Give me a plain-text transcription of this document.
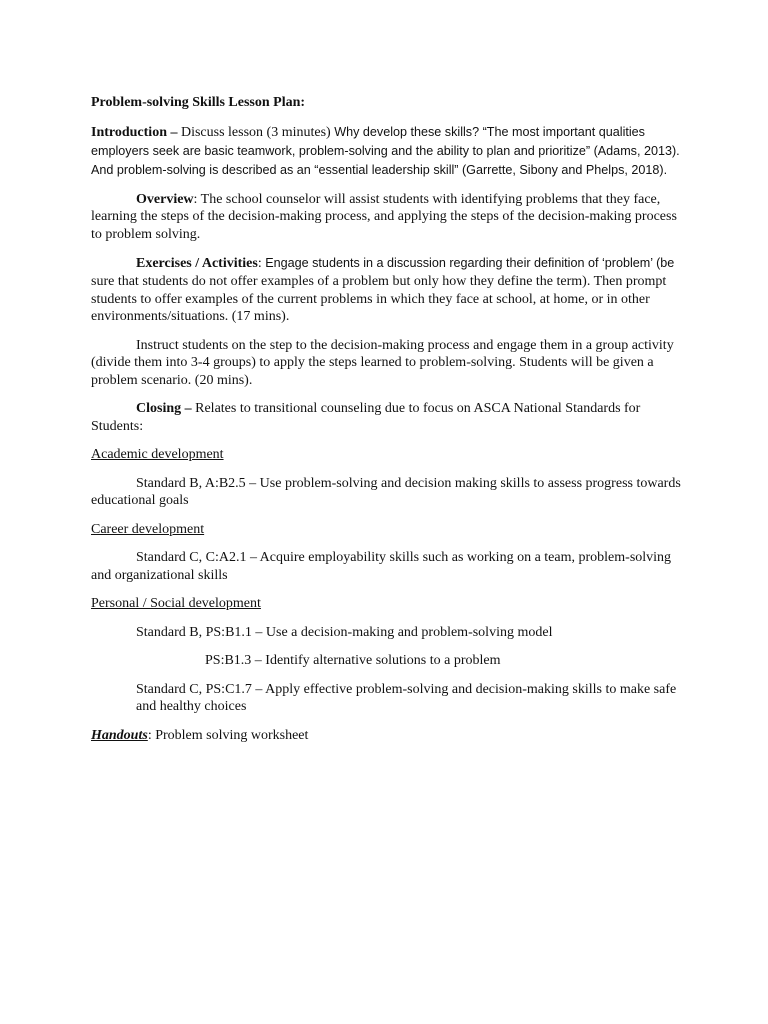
Problem-solving Skills Lesson Plan:

Introduction – Discuss lesson (3 minutes) Why develop these skills? “The most important qualities employers seek are basic teamwork, problem-solving and the ability to plan and prioritize” (Adams, 2013). And problem-solving is described as an “essential leadership skill” (Garrette, Sibony and Phelps, 2018).

Overview: The school counselor will assist students with identifying problems that they face, learning the steps of the decision-making process, and applying the steps of the decision-making process to problem solving.

Exercises / Activities: Engage students in a discussion regarding their definition of ‘problem’ (be sure that students do not offer examples of a problem but only how they define the term). Then prompt students to offer examples of the current problems in which they face at school, at home, or in other environments/situations. (17 mins).

Instruct students on the step to the decision-making process and engage them in a group activity (divide them into 3-4 groups) to apply the steps learned to problem-solving. Students will be given a problem scenario. (20 mins).

Closing – Relates to transitional counseling due to focus on ASCA National Standards for Students:

Academic development

Standard B, A:B2.5 – Use problem-solving and decision making skills to assess progress towards educational goals

Career development

Standard C, C:A2.1 – Acquire employability skills such as working on a team, problem-solving and organizational skills

Personal / Social development

Standard B, PS:B1.1 – Use a decision-making and problem-solving model

PS:B1.3 – Identify alternative solutions to a problem

Standard C, PS:C1.7 – Apply effective problem-solving and decision-making skills to make safe and healthy choices

Handouts: Problem solving worksheet
